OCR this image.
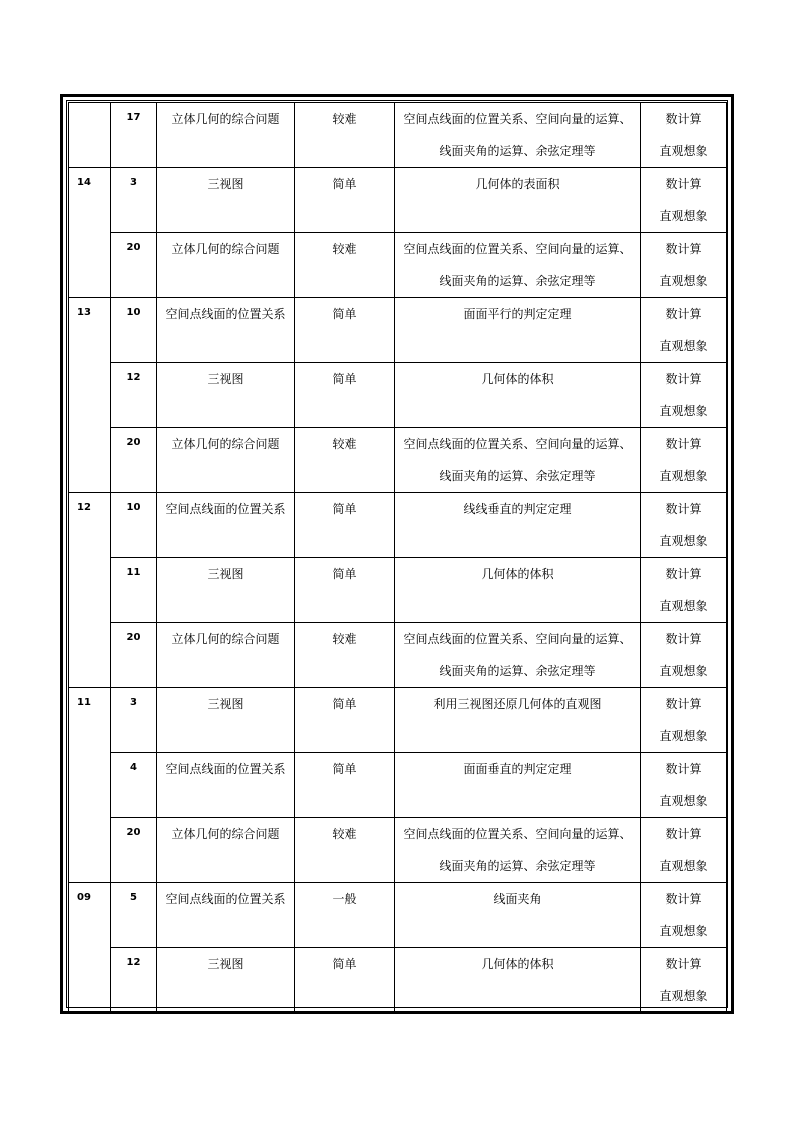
	17	立体几何的综合问题	较难	空间点线面的位置关系、空间向量的运算、
线面夹角的运算、余弦定理等	数计算
直观想象

14	3	三视图	简单	几何体的表面积	数计算
直观想象

	20	立体几何的综合问题	较难	空间点线面的位置关系、空间向量的运算、
线面夹角的运算、余弦定理等	数计算
直观想象

13	10	空间点线面的位置关系	简单	面面平行的判定定理	数计算
直观想象

	12	三视图	简单	几何体的体积	数计算
直观想象

	20	立体几何的综合问题	较难	空间点线面的位置关系、空间向量的运算、
线面夹角的运算、余弦定理等	数计算
直观想象

12	10	空间点线面的位置关系	简单	线线垂直的判定定理	数计算
直观想象

	11	三视图	简单	几何体的体积	数计算
直观想象

	20	立体几何的综合问题	较难	空间点线面的位置关系、空间向量的运算、
线面夹角的运算、余弦定理等	数计算
直观想象

11	3	三视图	简单	利用三视图还原几何体的直观图	数计算
直观想象

	4	空间点线面的位置关系	简单	面面垂直的判定定理	数计算
直观想象

	20	立体几何的综合问题	较难	空间点线面的位置关系、空间向量的运算、
线面夹角的运算、余弦定理等	数计算
直观想象

09	5	空间点线面的位置关系	一般	线面夹角	数计算
直观想象

	12	三视图	简单	几何体的体积	数计算
直观想象
